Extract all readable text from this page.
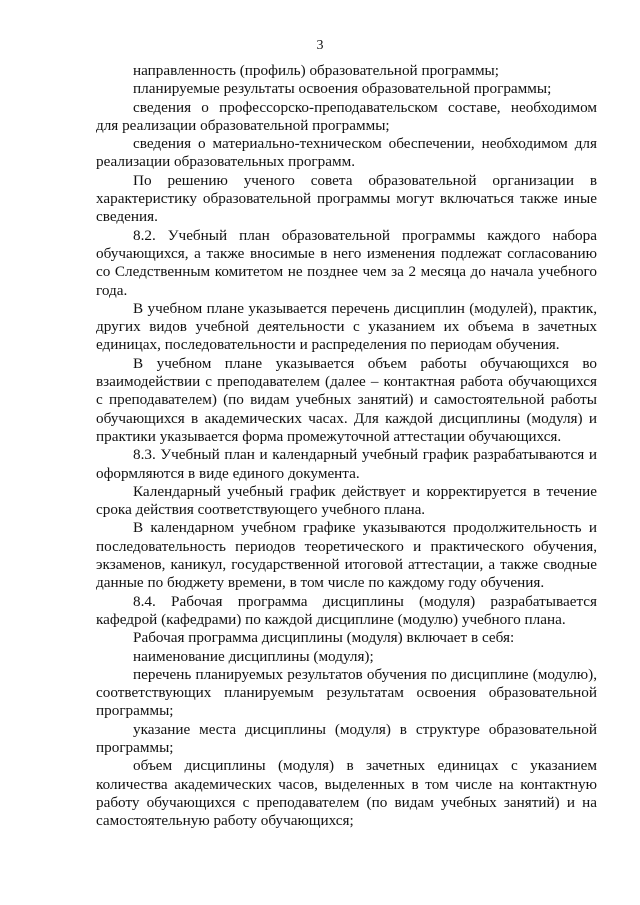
3

направленность (профиль) образовательной программы;

планируемые результаты освоения образовательной программы;

сведения о профессорско-преподавательском составе, необходимом для реализации образовательной программы;

сведения о материально-техническом обеспечении, необходимом для реализации образовательных программ.

По решению ученого совета образовательной организации в характеристику образовательной программы могут включаться также иные сведения.

8.2. Учебный план образовательной программы каждого набора обучающихся, а также вносимые в него изменения подлежат согласованию со Следственным комитетом не позднее чем за 2 месяца до начала учебного года.

В учебном плане указывается перечень дисциплин (модулей), практик, других видов учебной деятельности с указанием их объема в зачетных единицах, последовательности и распределения по периодам обучения.

В учебном плане указывается объем работы обучающихся во взаимодействии с преподавателем (далее – контактная работа обучающихся с преподавателем) (по видам учебных занятий) и самостоятельной работы обучающихся в академических часах. Для каждой дисциплины (модуля) и практики указывается форма промежуточной аттестации обучающихся.

8.3. Учебный план и календарный учебный график разрабатываются и оформляются в виде единого документа.

Календарный учебный график действует и корректируется в течение срока действия соответствующего учебного плана.

В календарном учебном графике указываются продолжительность и последовательность периодов теоретического и практического обучения, экзаменов, каникул, государственной итоговой аттестации, а также сводные данные по бюджету времени, в том числе по каждому году обучения.

8.4. Рабочая программа дисциплины (модуля) разрабатывается кафедрой (кафедрами) по каждой дисциплине (модулю) учебного плана.

Рабочая программа дисциплины (модуля) включает в себя:

наименование дисциплины (модуля);

перечень планируемых результатов обучения по дисциплине (модулю), соответствующих планируемым результатам освоения образовательной программы;

указание места дисциплины (модуля) в структуре образовательной программы;

объем дисциплины (модуля) в зачетных единицах с указанием количества академических часов, выделенных в том числе на контактную работу обучающихся с преподавателем (по видам учебных занятий) и на самостоятельную работу обучающихся;
